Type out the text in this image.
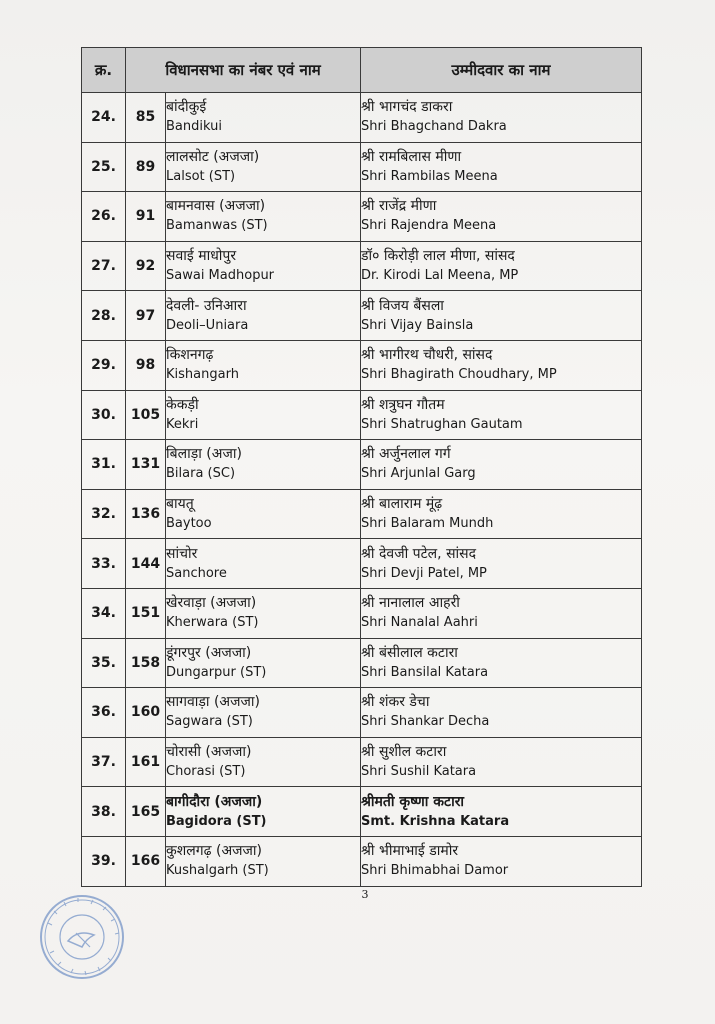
क्र.	विधानसभा का नंबर एवं नाम		उम्मीदवार का नाम
24.	85	बांदीकुई
Bandikui	श्री भागचंद डाकरा
Shri Bhagchand Dakra

25.	89	लालसोट (अजजा)
Lalsot (ST)	श्री रामबिलास मीणा
Shri Rambilas Meena

26.	91	बामनवास (अजजा)
Bamanwas (ST)	श्री राजेंद्र मीणा
Shri Rajendra Meena

27.	92	सवाई माधोपुर
Sawai Madhopur	डॉ० किरोड़ी लाल मीणा, सांसद
Dr. Kirodi Lal Meena, MP

28.	97	देवली- उनिआरा
Deoli–Uniara	श्री विजय बैंसला
Shri Vijay Bainsla

29.	98	किशनगढ़
Kishangarh	श्री भागीरथ चौधरी, सांसद
Shri Bhagirath Choudhary, MP

30.	105	केकड़ी
Kekri	श्री शत्रुघन गौतम
Shri Shatrughan Gautam

31.	131	बिलाड़ा (अजा)
Bilara (SC)	श्री अर्जुनलाल गर्ग
Shri Arjunlal Garg

32.	136	बायतू
Baytoo	श्री बालाराम मूंढ़
Shri Balaram Mundh

33.	144	सांचोर
Sanchore	श्री देवजी पटेल, सांसद
Shri Devji Patel, MP

34.	151	खेरवाड़ा (अजजा)
Kherwara (ST)	श्री नानालाल आहरी
Shri Nanalal Aahri

35.	158	डूंगरपुर (अजजा)
Dungarpur (ST)	श्री बंसीलाल कटारा
Shri Bansilal Katara

36.	160	सागवाड़ा (अजजा)
Sagwara (ST)	श्री शंकर डेचा
Shri Shankar Decha

37.	161	चोरासी (अजजा)
Chorasi (ST)	श्री सुशील कटारा
Shri Sushil Katara

38.	165	बागीदौरा (अजजा)
Bagidora (ST)	श्रीमती कृष्णा कटारा
Smt. Krishna Katara

39.	166	कुशलगढ़ (अजजा)
Kushalgarh (ST)	श्री भीमाभाई डामोर
Shri Bhimabhai Damor
3
